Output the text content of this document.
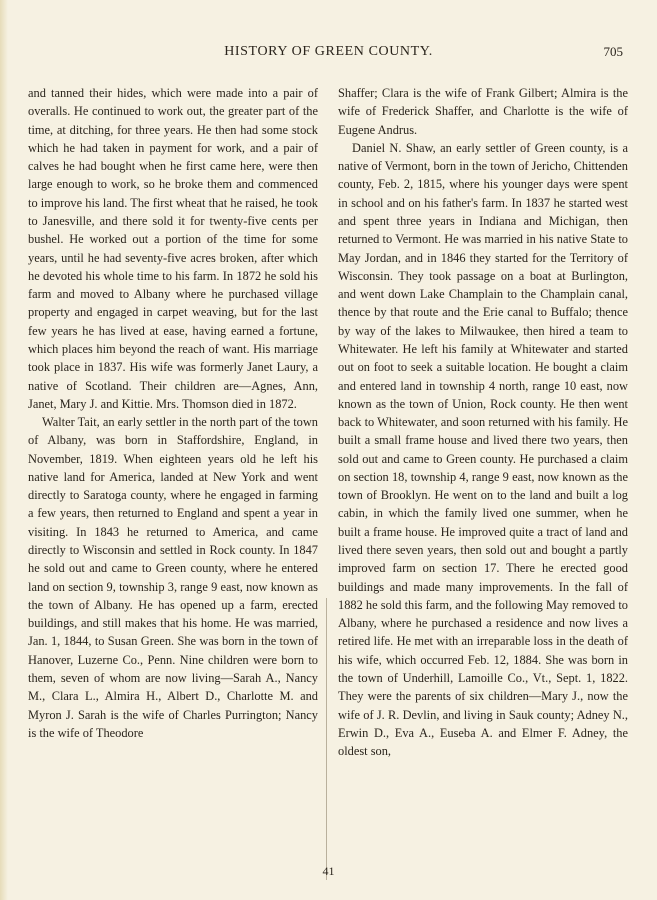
HISTORY OF GREEN COUNTY.	705

and tanned their hides, which were made into a pair of overalls. He continued to work out, the greater part of the time, at ditching, for three years. He then had some stock which he had taken in payment for work, and a pair of calves he had bought when he first came here, were then large enough to work, so he broke them and commenced to improve his land. The first wheat that he raised, he took to Janesville, and there sold it for twenty-five cents per bushel. He worked out a portion of the time for some years, until he had seventy-five acres broken, after which he devoted his whole time to his farm. In 1872 he sold his farm and moved to Albany where he purchased village property and engaged in carpet weaving, but for the last few years he has lived at ease, having earned a fortune, which places him beyond the reach of want. His marriage took place in 1837. His wife was formerly Janet Laury, a native of Scotland. Their children are—Agnes, Ann, Janet, Mary J. and Kittie. Mrs. Thomson died in 1872.

Walter Tait, an early settler in the north part of the town of Albany, was born in Staffordshire, England, in November, 1819. When eighteen years old he left his native land for America, landed at New York and went directly to Saratoga county, where he engaged in farming a few years, then returned to England and spent a year in visiting. In 1843 he returned to America, and came directly to Wisconsin and settled in Rock county. In 1847 he sold out and came to Green county, where he entered land on section 9, township 3, range 9 east, now known as the town of Albany. He has opened up a farm, erected buildings, and still makes that his home. He was married, Jan. 1, 1844, to Susan Green. She was born in the town of Hanover, Luzerne Co., Penn. Nine children were born to them, seven of whom are now living—Sarah A., Nancy M., Clara L., Almira H., Albert D., Charlotte M. and Myron J. Sarah is the wife of Charles Purrington; Nancy is the wife of Theodore

Shaffer; Clara is the wife of Frank Gilbert; Almira is the wife of Frederick Shaffer, and Charlotte is the wife of Eugene Andrus.

Daniel N. Shaw, an early settler of Green county, is a native of Vermont, born in the town of Jericho, Chittenden county, Feb. 2, 1815, where his younger days were spent in school and on his father's farm. In 1837 he started west and spent three years in Indiana and Michigan, then returned to Vermont. He was married in his native State to May Jordan, and in 1846 they started for the Territory of Wisconsin. They took passage on a boat at Burlington, and went down Lake Champlain to the Champlain canal, thence by that route and the Erie canal to Buffalo; thence by way of the lakes to Milwaukee, then hired a team to Whitewater. He left his family at Whitewater and started out on foot to seek a suitable location. He bought a claim and entered land in township 4 north, range 10 east, now known as the town of Union, Rock county. He then went back to Whitewater, and soon returned with his family. He built a small frame house and lived there two years, then sold out and came to Green county. He purchased a claim on section 18, township 4, range 9 east, now known as the town of Brooklyn. He went on to the land and built a log cabin, in which the family lived one summer, when he built a frame house. He improved quite a tract of land and lived there seven years, then sold out and bought a partly improved farm on section 17. There he erected good buildings and made many improvements. In the fall of 1882 he sold this farm, and the following May removed to Albany, where he purchased a residence and now lives a retired life. He met with an irreparable loss in the death of his wife, which occurred Feb. 12, 1884. She was born in the town of Underhill, Lamoille Co., Vt., Sept. 1, 1822. They were the parents of six children—Mary J., now the wife of J. R. Devlin, and living in Sauk county; Adney N., Erwin D., Eva A., Euseba A. and Elmer F. Adney, the oldest son,

41
